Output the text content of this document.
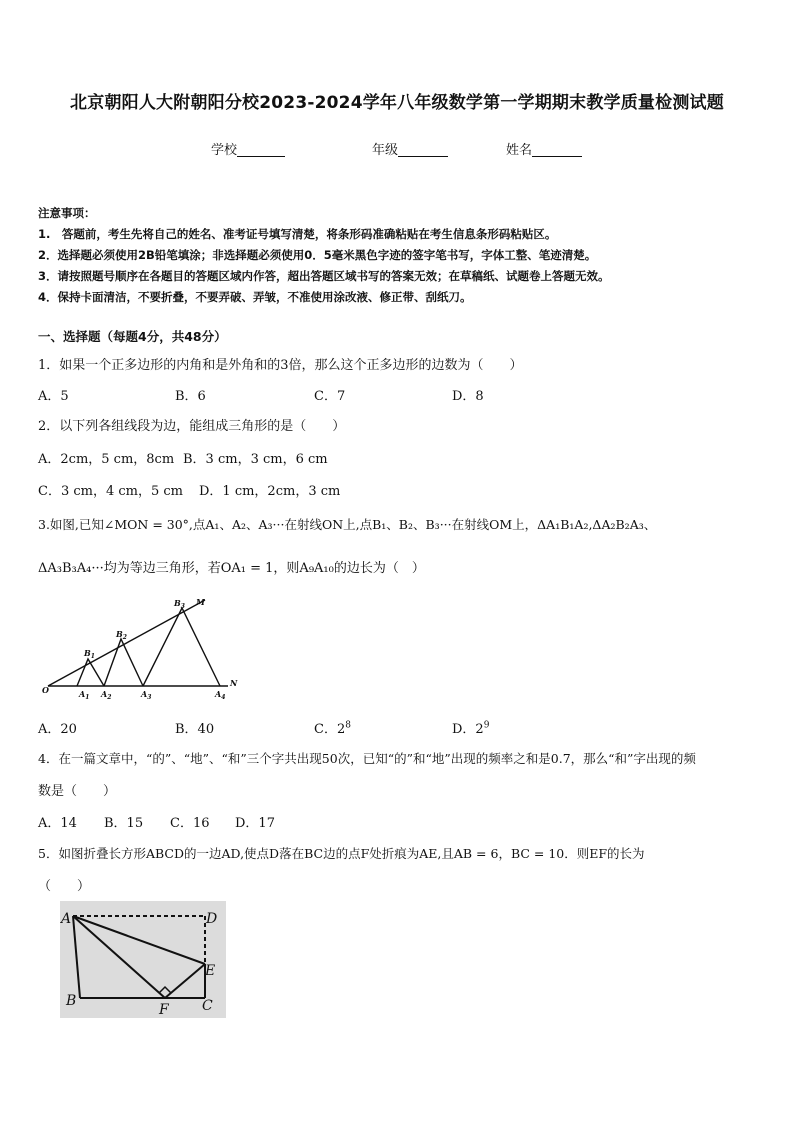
北京朝阳人大附朝阳分校2023-2024学年八年级数学第一学期期末教学质量检测试题
学校	年级	姓名
注意事项：
1.　答题前，考生先将自己的姓名、准考证号填写清楚，将条形码准确粘贴在考生信息条形码粘贴区。
2．选择题必须使用2B铅笔填涂；非选择题必须使用0．5毫米黑色字迹的签字笔书写，字体工整、笔迹清楚。
3．请按照题号顺序在各题目的答题区域内作答，超出答题区域书写的答案无效；在草稿纸、试题卷上答题无效。
4．保持卡面清洁，不要折叠，不要弄破、弄皱，不准使用涂改液、修正带、刮纸刀。
一、选择题（每题4分，共48分）
1．如果一个正多边形的内角和是外角和的3倍，那么这个正多边形的边数为（　　）
A．5	B．6	C．7	D．8
2．以下列各组线段为边，能组成三角形的是（　　）
A．2cm，5 cm，8cm B．3 cm，3 cm，6 cm
C．3 cm，4 cm，5 cm D．1 cm，2cm，3 cm
3.如图,已知∠MON = 30°,点A₁、A₂、A₃···在射线ON上,点B₁、B₂、B₃···在射线OM上，ΔA₁B₁A₂,ΔA₂B₂A₃、
ΔA₃B₃A₄···均为等边三角形，若OA₁ = 1，则A₉A₁₀的边长为（　）
O
N
M
$A_1$ $A_2$	$A_3$	$A_4$
$B_1$
$B_2$
$B_3$
A．20	B．40	C．$2^8$	D．$2^9$
4．在一篇文章中，“的”、“地”、“和”三个字共出现50次，已知“的”和“地”出现的频率之和是0.7，那么“和”字出现的频
数是（　　）
A．14 B．15 C．16 D．17
5．如图折叠长方形ABCD的一边AD,使点D落在BC边的点F处折痕为AE,且AB = 6，BC = 10．则EF的长为
（　　）
A	D
E
B	C
F
